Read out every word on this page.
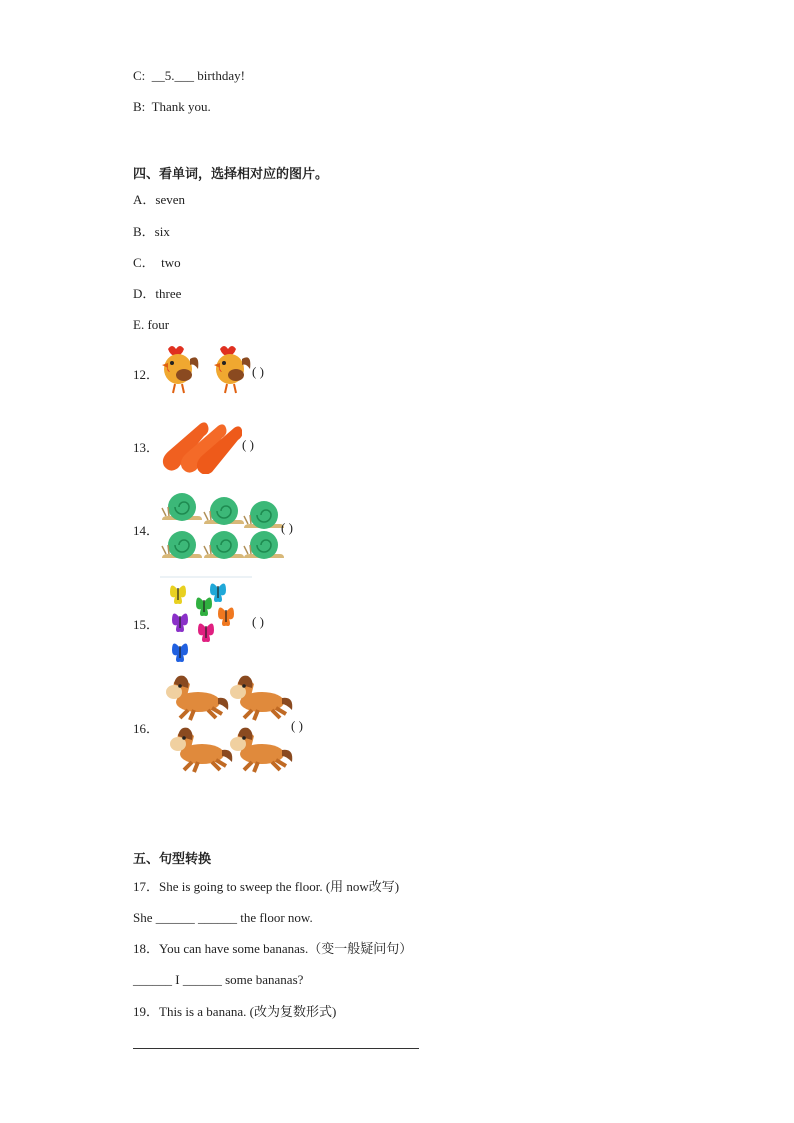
C: __5.___ birthday!
B: Thank you.
四、看单词，选择相对应的图片。
A．seven
B．six
C． two
D．three
E. four
12．	( )
13．	( )
14．	( )
15．	( )
16．	( )
五、句型转换
17．She is going to sweep the floor. (用 now改写)
She ______ ______ the floor now.
18．You can have some bananas.（变一般疑问句）
______ I ______ some bananas?
19．This is a banana. (改为复数形式)
